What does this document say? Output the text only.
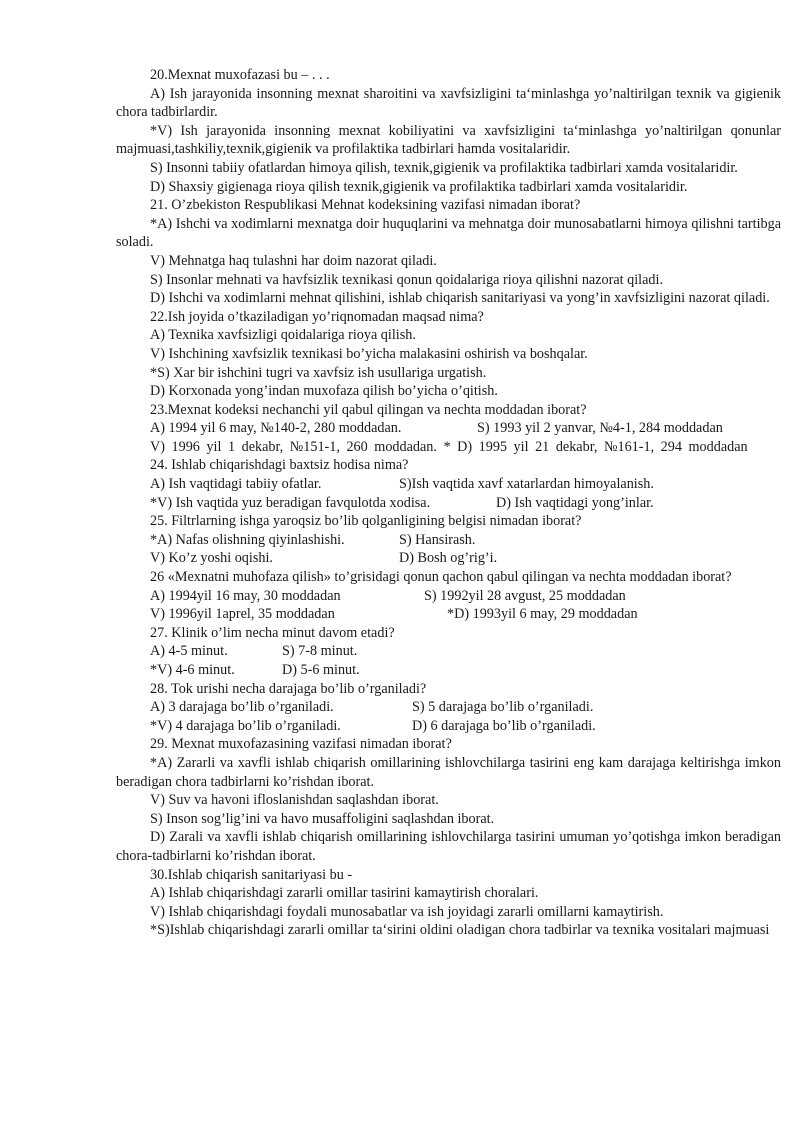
20.Mexnat muxofazasi bu – . . .

A) Ish jarayonida insonning mexnat sharoitini va xavfsizligini ta‘minlashga yo’naltirilgan texnik va gigienik chora tadbirlardir.

*V) Ish jarayonida insonning mexnat kobiliyatini va xavfsizligini ta‘minlashga yo’naltirilgan qonunlar majmuasi,tashkiliy,texnik,gigienik va profilaktika tadbirlari hamda vositalaridir.

S) Insonni tabiiy ofatlardan himoya qilish, texnik,gigienik va profilaktika tadbirlari xamda vositalaridir.

D) Shaxsiy gigienaga rioya qilish texnik,gigienik va profilaktika tadbirlari xamda vositalaridir.

21. O’zbekiston Respublikasi Mehnat kodeksining vazifasi nimadan iborat?

*A) Ishchi va xodimlarni mexnatga doir huquqlarini va mehnatga doir munosabatlarni himoya qilishni tartibga soladi.

V) Mehnatga haq tulashni har doim nazorat qiladi.

S) Insonlar mehnati va havfsizlik texnikasi qonun qoidalariga rioya qilishni nazorat qiladi.

D) Ishchi va xodimlarni mehnat qilishini, ishlab chiqarish sanitariyasi va yong’in xavfsizligini nazorat qiladi.

22.Ish joyida o’tkaziladigan yo’riqnomadan maqsad nima?

A) Texnika xavfsizligi qoidalariga rioya qilish.

V) Ishchining xavfsizlik texnikasi bo’yicha malakasini oshirish va boshqalar.

*S) Xar bir ishchini tugri va xavfsiz ish usullariga urgatish.

D) Korxonada yong’indan muxofaza qilish bo’yicha o’qitish.

23.Mexnat kodeksi nechanchi yil qabul qilingan va nechta moddadan iborat?

A) 1994 yil 6 may, №140-2, 280 moddadan.	S) 1993 yil 2 yanvar, №4-1, 284 moddadan

V) 1996 yil 1 dekabr, №151-1, 260 moddadan. * D) 1995 yil 21 dekabr, №161-1, 294 moddadan

24. Ishlab chiqarishdagi baxtsiz hodisa nima?

A) Ish vaqtidagi tabiiy ofatlar.	S)Ish vaqtida xavf xatarlardan himoyalanish.
*V) Ish vaqtida yuz beradigan favqulotda xodisa.	D) Ish vaqtidagi yong’inlar.

25. Filtrlarning ishga yaroqsiz bo’lib qolganligining belgisi nimadan iborat?

*A) Nafas olishning qiyinlashishi.	S) Hansirash.
V) Ko’z yoshi oqishi.	D) Bosh og’rig’i.

26 «Mexnatni muhofaza qilish» to’grisidagi qonun qachon qabul qilingan va nechta moddadan iborat?

A) 1994yil 16 may, 30 moddadan	S) 1992yil 28 avgust, 25 moddadan
V) 1996yil 1aprel, 35 moddadan	*D) 1993yil 6 may, 29 moddadan

27. Klinik o’lim necha minut davom etadi?

A) 4-5 minut.	S) 7-8 minut.
*V) 4-6 minut.	D) 5-6 minut.

28. Tok urishi necha darajaga bo’lib o’rganiladi?

A) 3 darajaga bo’lib o’rganiladi.	S) 5 darajaga bo’lib o’rganiladi.
*V) 4 darajaga bo’lib o’rganiladi.	D) 6 darajaga bo’lib o’rganiladi.

29. Mexnat muxofazasining vazifasi nimadan iborat?

*A) Zararli va xavfli ishlab chiqarish omillarining ishlovchilarga tasirini eng kam darajaga keltirishga imkon beradigan chora tadbirlarni ko’rishdan iborat.

V) Suv va havoni ifloslanishdan saqlashdan iborat.

S) Inson sog’lig’ini va havo musaffoligini saqlashdan iborat.

D) Zarali va xavfli ishlab chiqarish omillarining ishlovchilarga tasirini umuman yo’qotishga imkon beradigan chora-tadbirlarni ko’rishdan iborat.

30.Ishlab chiqarish sanitariyasi bu -

A) Ishlab chiqarishdagi zararli omillar tasirini kamaytirish choralari.

V) Ishlab chiqarishdagi foydali munosabatlar va ish joyidagi zararli omillarni kamaytirish.

*S)Ishlab chiqarishdagi zararli omillar ta‘sirini oldini oladigan chora tadbirlar va texnika vositalari majmuasi
